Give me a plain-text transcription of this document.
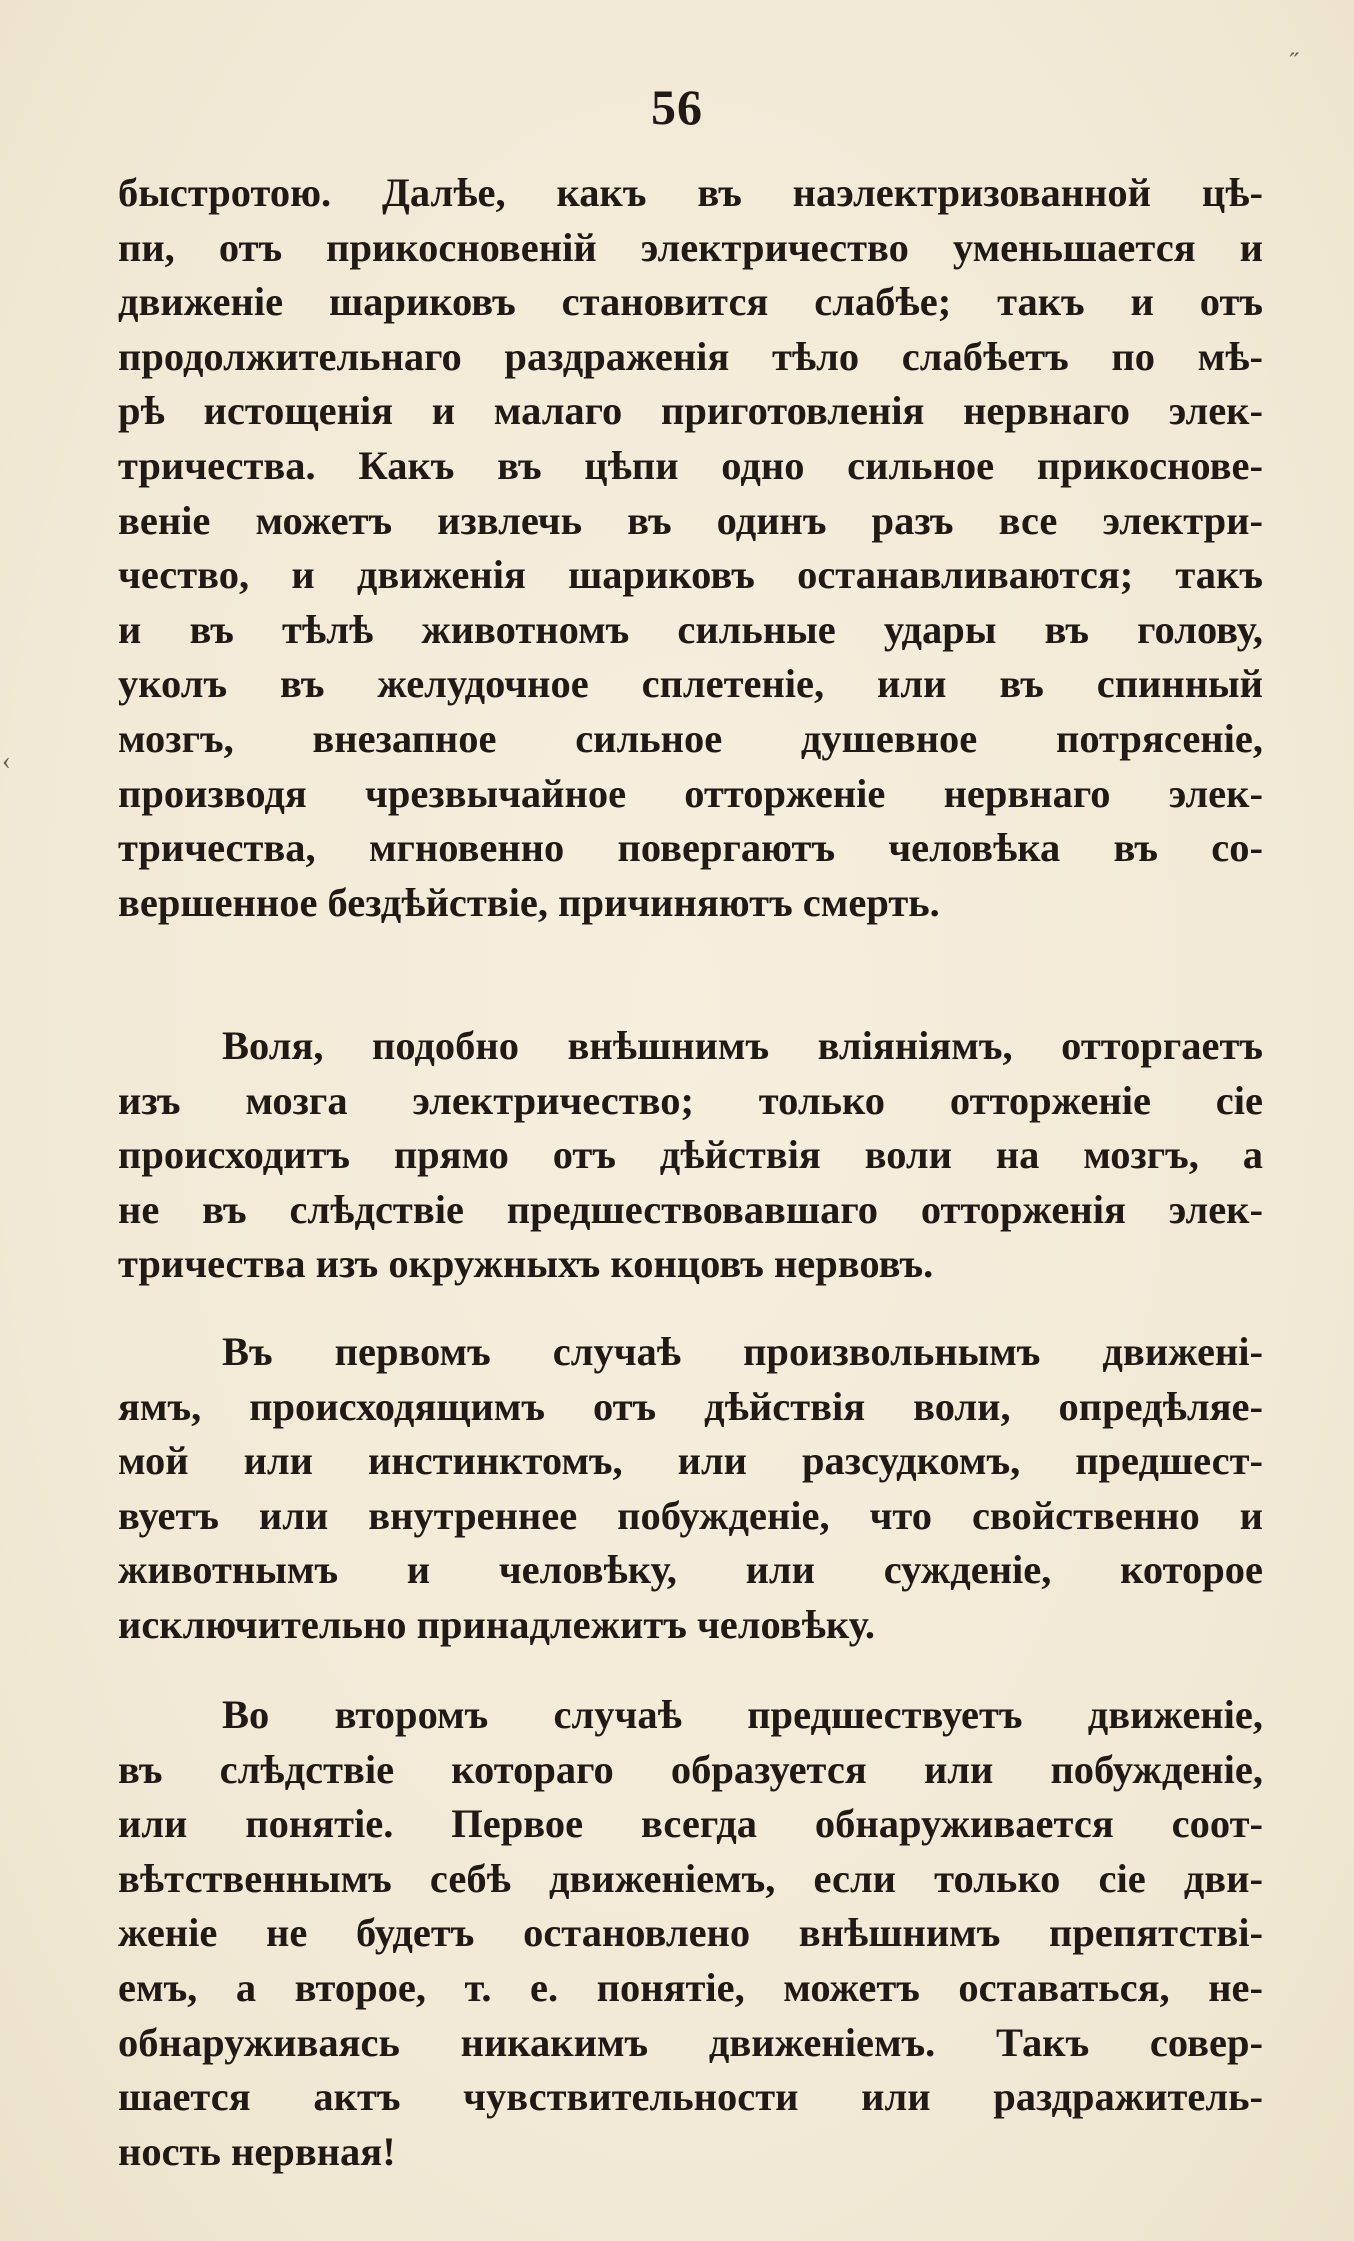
˶
‹
56
быстротою. Далѣе, какъ въ наэлектризованной цѣ-
пи, отъ прикосновенiй электричество уменьшается и
движенiе шариковъ становится слабѣе; такъ и отъ
продолжительнаго раздраженiя тѣло слабѣетъ по мѣ-
рѣ истощенiя и малаго приготовленiя нервнаго элек-
тричества. Какъ въ цѣпи одно сильное прикоснове-
венiе можетъ извлечь въ одинъ разъ все электри-
чество, и движенiя шариковъ останавливаются; такъ
и въ тѣлѣ животномъ сильные удары въ голову,
уколъ въ желудочное сплетенiе, или въ спинный
мозгъ, внезапное сильное душевное потрясенiе,
производя чрезвычайное отторженiе нервнаго элек-
тричества, мгновенно повергаютъ человѣка въ со-
вершенное бездѣйствiе, причиняютъ смерть.
Воля, подобно внѣшнимъ влiянiямъ, отторгаетъ
изъ мозга электричество; только отторженiе сiе
происходитъ прямо отъ дѣйствiя воли на мозгъ, а
не въ слѣдствiе предшествовавшаго отторженiя элек-
тричества изъ окружныхъ концовъ нервовъ.
Въ первомъ случаѣ произвольнымъ движенi-
ямъ, происходящимъ отъ дѣйствiя воли, опредѣляе-
мой или инстинктомъ, или разсудкомъ, предшест-
вуетъ или внутреннее побужденiе, что свойственно и
животнымъ и человѣку, или сужденiе, которое
исключительно принадлежитъ человѣку.
Во второмъ случаѣ предшествуетъ движенiе,
въ слѣдствiе котораго образуется или побужденiе,
или понятiе. Первое всегда обнаруживается соот-
вѣтственнымъ себѣ движенiемъ, если только сiе дви-
женiе не будетъ остановлено внѣшнимъ препятствi-
емъ, а второе, т. е. понятiе, можетъ оставаться, не-
обнаруживаясь никакимъ движенiемъ. Такъ совер-
шается актъ чувствительности или раздражитель-
ность нервная!
